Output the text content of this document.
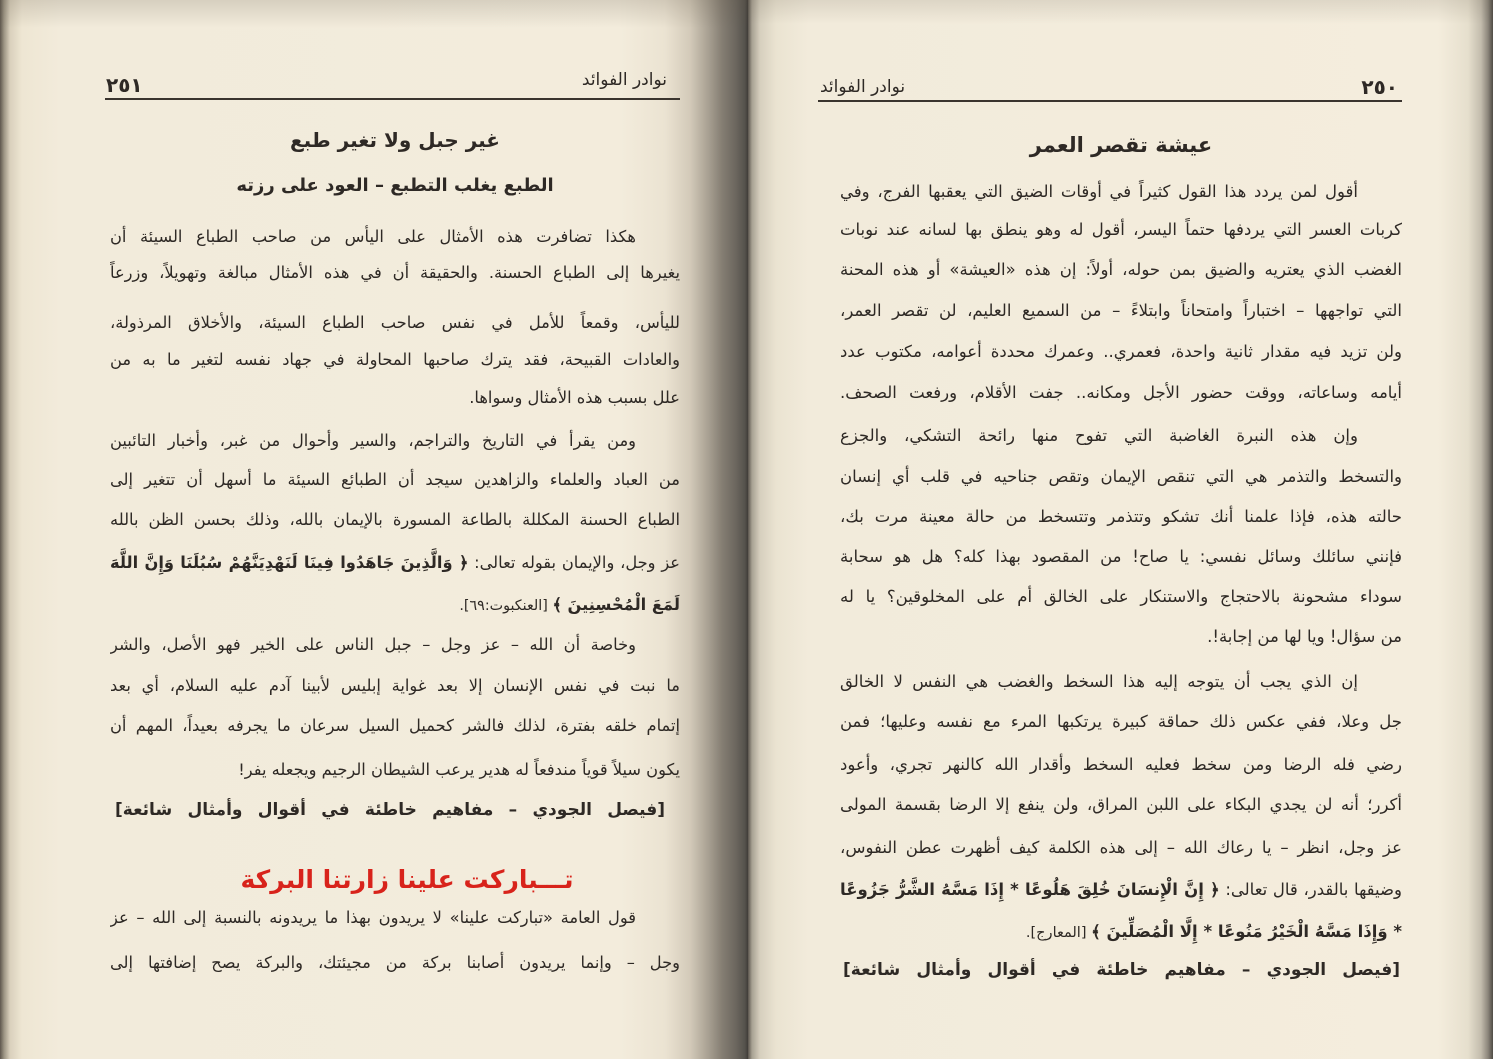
نوادر الفوائد
٢٥١
غير جبل ولا تغير طبع
الطبع يغلب التطبع – العود على رزته
هكذا تضافرت هذه الأمثال على اليأس من صاحب الطباع السيئة أن
يغيرها إلى الطباع الحسنة. والحقيقة أن في هذه الأمثال مبالغة وتهويلاً، وزرعاً
لليأس، وقمعاً للأمل في نفس صاحب الطباع السيئة، والأخلاق المرذولة،
والعادات القبيحة، فقد يترك صاحبها المحاولة في جهاد نفسه لتغير ما به من
علل بسبب هذه الأمثال وسواها.
ومن يقرأ في التاريخ والتراجم، والسير وأحوال من غبر، وأخبار التائبين
من العباد والعلماء والزاهدين سيجد أن الطبائع السيئة ما أسهل أن تتغير إلى
الطباع الحسنة المكللة بالطاعة المسورة بالإيمان بالله، وذلك بحسن الظن بالله
عز وجل، والإيمان بقوله تعالى: ﴿ وَالَّذِينَ جَاهَدُوا فِينَا لَنَهْدِيَنَّهُمْ سُبُلَنَا وَإِنَّ اللَّهَ
لَمَعَ الْمُحْسِنِينَ ﴾ [العنكبوت:٦٩].
وخاصة أن الله – عز وجل – جبل الناس على الخير فهو الأصل، والشر
ما نبت في نفس الإنسان إلا بعد غواية إبليس لأبينا آدم عليه السلام، أي بعد
إتمام خلقه بفترة، لذلك فالشر كحميل السيل سرعان ما يجرفه بعيداً، المهم أن
يكون سيلاً قوياً مندفعاً له هدير يرعب الشيطان الرجيم ويجعله يفر!
[فيصل الجودي – مفاهيم خاطئة في أقوال وأمثال شائعة]
تـــباركت علينا زارتنا البركة
قول العامة «تباركت علينا» لا يريدون بهذا ما يريدونه بالنسبة إلى الله – عز
وجل – وإنما يريدون أصابنا بركة من مجيئتك، والبركة يصح إضافتها إلى
نوادر الفوائد	٢٥٠
عيشة تقصر العمر
أقول لمن يردد هذا القول كثيراً في أوقات الضيق التي يعقبها الفرج، وفي
كربات العسر التي يردفها حتماً اليسر، أقول له وهو ينطق بها لسانه عند نوبات
الغضب الذي يعتريه والضيق بمن حوله، أولاً: إن هذه «العيشة» أو هذه المحنة
التي تواجهها – اختباراً وامتحاناً وابتلاءً – من السميع العليم، لن تقصر العمر،
ولن تزيد فيه مقدار ثانية واحدة، فعمري.. وعمرك محددة أعوامه، مكتوب عدد
أيامه وساعاته، ووقت حضور الأجل ومكانه.. جفت الأقلام، ورفعت الصحف.
وإن هذه النبرة الغاضبة التي تفوح منها رائحة التشكي، والجزع
والتسخط والتذمر هي التي تنقص الإيمان وتقص جناحيه في قلب أي إنسان
حالته هذه، فإذا علمنا أنك تشكو وتتذمر وتتسخط من حالة معينة مرت بك،
فإنني سائلك وسائل نفسي: يا صاح! من المقصود بهذا كله؟ هل هو سحابة
سوداء مشحونة بالاحتجاج والاستنكار على الخالق أم على المخلوقين؟ يا له
من سؤال! ويا لها من إجابة!.
إن الذي يجب أن يتوجه إليه هذا السخط والغضب هي النفس لا الخالق
جل وعلا، ففي عكس ذلك حماقة كبيرة يرتكبها المرء مع نفسه وعليها؛ فمن
رضي فله الرضا ومن سخط فعليه السخط وأقدار الله كالنهر تجري، وأعود
أكرر؛ أنه لن يجدي البكاء على اللبن المراق، ولن ينفع إلا الرضا بقسمة المولى
عز وجل، انظر – يا رعاك الله – إلى هذه الكلمة كيف أظهرت عطن النفوس،
وضيقها بالقدر، قال تعالى: ﴿ إِنَّ الْإِنسَانَ خُلِقَ هَلُوعًا * إِذَا مَسَّهُ الشَّرُّ جَزُوعًا
* وَإِذَا مَسَّهُ الْخَيْرُ مَنُوعًا * إِلَّا الْمُصَلِّينَ ﴾ [المعارج].
[فيصل الجودي – مفاهيم خاطئة في أقوال وأمثال شائعة]
